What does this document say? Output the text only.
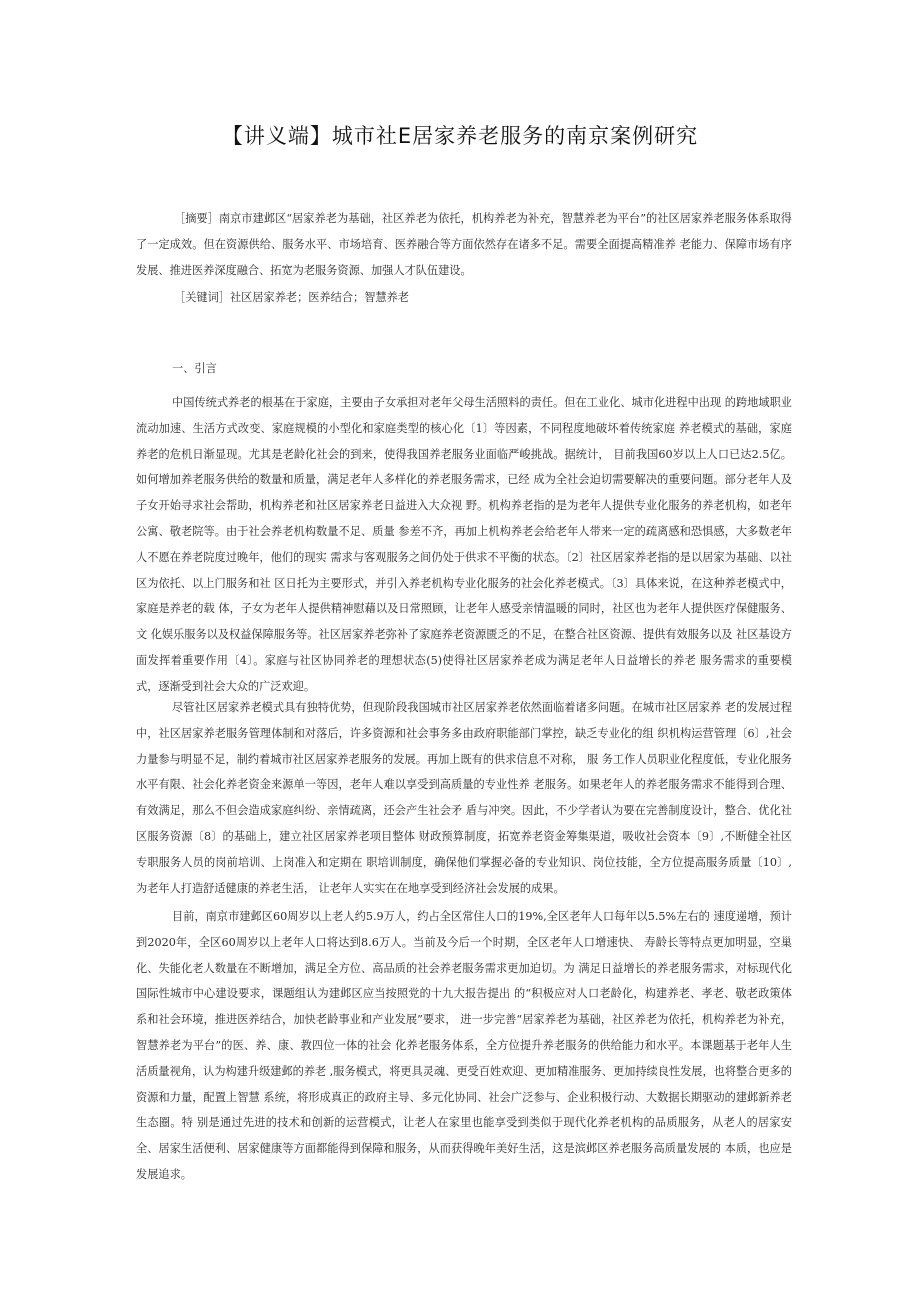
【讲义端】城市社E居家养老服务的南京案例研究

［摘要］南京市建邺区“居家养老为基础，社区养老为依托，机构养老为补充，智慧养老为平台”的社区居家养老服务体系取得了一定成效。但在资源供给、服务水平、市场培育、医养融合等方面依然存在诸多不足。需要全面提高精准养 老能力、保障市场有序发展、推进医养深度融合、拓宽为老服务资源、加强人才队伍建设。

［关键词］社区居家养老；医养结合；智慧养老

一、引言

中国传统式养老的根基在于家庭，主要由子女承担对老年父母生活照料的责任。但在工业化、城市化进程中出现 的跨地域职业流动加速、生活方式改变、家庭规模的小型化和家庭类型的核心化〔1〕等因素，不同程度地破坏着传统家庭 养老模式的基础，家庭养老的危机日渐显现。尤其是老龄化社会的到来，使得我国养老服务业面临严峻挑战。据统计， 目前我国60岁以上人口已达2.5亿。如何增加养老服务供给的数量和质量，满足老年人多样化的养老服务需求，已经 成为全社会迫切需要解决的重要问题。部分老年人及子女开始寻求社会帮助，机构养老和社区居家养老日益进入大众视 野。机构养老指的是为老年人提供专业化服务的养老机构，如老年公寓、敬老院等。由于社会养老机构数量不足、质量 参差不齐，再加上机构养老会给老年人带来一定的疏离感和恐惧感，大多数老年人不愿在养老院度过晚年，他们的现实 需求与客观服务之间仍处于供求不平衡的状态。〔2〕社区居家养老指的是以居家为基础、以社区为依托、以上门服务和社 区日托为主要形式，并引入养老机构专业化服务的社会化养老模式。〔3〕具体来说，在这种养老模式中，家庭是养老的载 体，子女为老年人提供精神慰藉以及日常照顾，让老年人感受亲情温暖的同时，社区也为老年人提供医疗保健服务、文 化娱乐服务以及权益保障服务等。社区居家养老弥补了家庭养老资源匮乏的不足，在整合社区资源、提供有效服务以及 社区基设方面发挥着重要作用〔4〕。家庭与社区协同养老的理想状态(5)使得社区居家养老成为满足老年人日益增长的养老 服务需求的重要模式，逐渐受到社会大众的广泛欢迎。

尽管社区居家养老模式具有独特优势，但现阶段我国城市社区居家养老依然面临着诸多问题。在城市社区居家养 老的发展过程中，社区居家养老服务管理体制和对落后，许多资源和社会事务多由政府职能部门掌控，缺乏专业化的组 织机构运营管理〔6〕,社会力量参与明显不足，制约着城市社区居家养老服务的发展。再加上既有的供求信息不对称， 服 务工作人员职业化程度低，专业化服务水平有限、社会化养老资金来源单一等因，老年人难以享受到高质量的专业性养 老服务。如果老年人的养老服务需求不能得到合理、有效满足，那么不但会造成家庭纠纷、亲情疏离，还会产生社会矛 盾与冲突。因此，不少学者认为要在完善制度设计，整合、优化社区服务资源〔8〕的基础上，建立社区居家养老项目整体 财政预算制度，拓宽养老资金筹集渠道，吸收社会资本〔9〕,不断健全社区专职服务人员的岗前培训、上岗准入和定期在 职培训制度，确保他们掌握必备的专业知识、岗位技能，全方位提高服务质量〔10〕,为老年人打造舒适健康的养老生活， 让老年人实实在在地享受到经济社会发展的成果。

目前，南京市建邺区60周岁以上老人约5.9万人，约占全区常住人口的19%,全区老年人口每年以5.5%左右的 速度递增，预计到2020年，全区60周岁以上老年人口将达到8.6万人。当前及今后一个时期，全区老年人口增速快、 寿龄长等特点更加明显，空巢化、失能化老人数量在不断增加，满足全方位、高品质的社会养老服务需求更加迫切。为 满足日益增长的养老服务需求，对标现代化国际性城市中心建设要求，课题组认为建邺区应当按照党的十九大报告提出 的“积极应对人口老龄化，构建养老、孝老、敬老政策体系和社会环境，推进医养结合，加快老龄事业和产业发展”要求， 进一步完善“居家养老为基础，社区养老为依托，机构养老为补充，智慧养老为平台”的医、养、康、教四位一体的社会 化养老服务体系，全方位提升养老服务的供给能力和水平。本课题基于老年人生活质量视角，认为构建升级建邺的养老 ,服务模式，将更具灵魂、更受百姓欢迎、更加精准服务、更加持续良性发展，也将整合更多的资源和力量，配置上智慧 系统，将形成真正的政府主导、多元化协同、社会广泛参与、企业积极行动、大数据长期驱动的建邺新养老生态圈。特 别是通过先进的技术和创新的运营模式，让老人在家里也能享受到类似于现代化养老机构的品质服务，从老人的居家安 全、居家生活便利、居家健康等方面都能得到保障和服务，从而获得晚年美好生活，这是滨邺区养老服务高质量发展的 本质，也应是发展追求。
